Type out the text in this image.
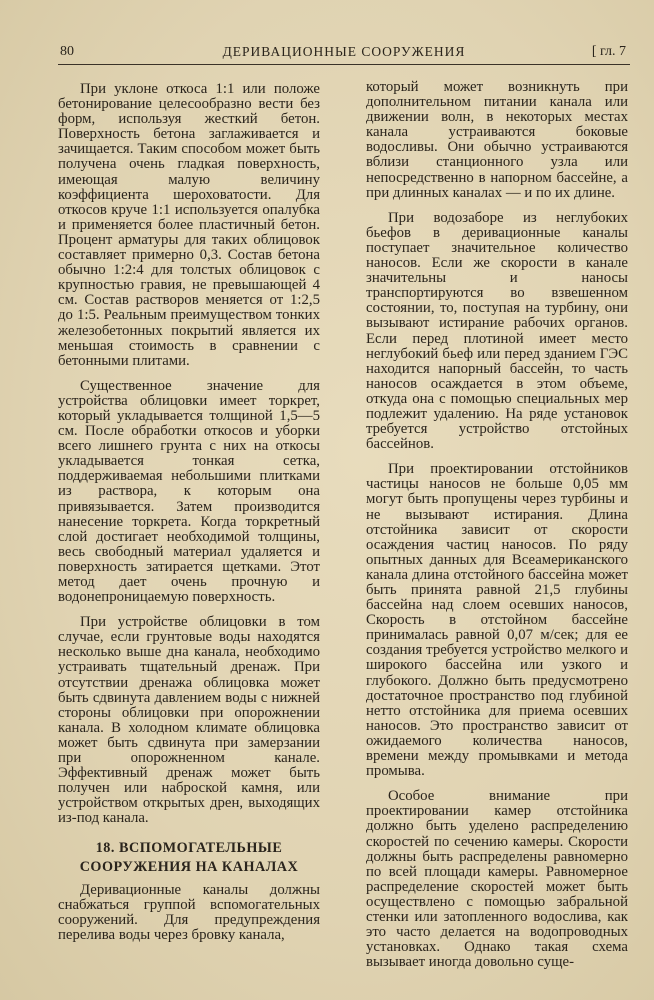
80	ДЕРИВАЦИОННЫЕ СООРУЖЕНИЯ	[ гл. 7

При уклоне откоса 1:1 или положе бетонирование целесообразно вести без форм, используя жесткий бетон. Поверхность бетона заглаживается и зачищается. Таким способом может быть получена очень гладкая поверхность, имеющая малую величину коэффициента шероховатости. Для откосов круче 1:1 используется опалубка и применяется более пластичный бетон. Процент арматуры для таких облицовок составляет примерно 0,3. Состав бетона обычно 1:2:4 для толстых облицовок с крупностью гравия, не превышающей 4 см. Состав растворов меняется от 1:2,5 до 1:5. Реальным преимуществом тонких железобетонных покрытий является их меньшая стоимость в сравнении с бетонными плитами.

Существенное значение для устройства облицовки имеет торкрет, который укладывается толщиной 1,5—5 см. После обработки откосов и уборки всего лишнего грунта с них на откосы укладывается тонкая сетка, поддерживаемая небольшими плитками из раствора, к которым она привязывается. Затем производится нанесение торкрета. Когда торкретный слой достигает необходимой толщины, весь свободный материал удаляется и поверхность затирается щетками. Этот метод дает очень прочную и водонепроницаемую поверхность.

При устройстве облицовки в том случае, если грунтовые воды находятся несколько выше дна канала, необходимо устраивать тщательный дренаж. При отсутствии дренажа облицовка может быть сдвинута давлением воды с нижней стороны облицовки при опорожнении канала. В холодном климате облицовка может быть сдвинута при замерзании при опорожненном канале. Эффективный дренаж может быть получен или наброской камня, или устройством открытых дрен, выходящих из-под канала.

18. ВСПОМОГАТЕЛЬНЫЕ
СООРУЖЕНИЯ НА КАНАЛАХ

Деривационные каналы должны снабжаться группой вспомогательных сооружений. Для предупреждения перелива воды через бровку канала,

который может возникнуть при дополнительном питании канала или движении волн, в некоторых местах канала устраиваются боковые водосливы. Они обычно устраиваются вблизи станционного узла или непосредственно в напорном бассейне, а при длинных каналах — и по их длине.

При водозаборе из неглубоких бьефов в деривационные каналы поступает значительное количество наносов. Если же скорости в канале значительны и наносы транспортируются во взвешенном состоянии, то, поступая на турбину, они вызывают истирание рабочих органов. Если перед плотиной имеет место неглубокий бьеф или перед зданием ГЭС находится напорный бассейн, то часть наносов осаждается в этом объеме, откуда она с помощью специальных мер подлежит удалению. На ряде установок требуется устройство отстойных бассейнов.

При проектировании отстойников частицы наносов не больше 0,05 мм могут быть пропущены через турбины и не вызывают истирания. Длина отстойника зависит от скорости осаждения частиц наносов. По ряду опытных данных для Всеамериканского канала длина отстойного бассейна может быть принята равной 21,5 глубины бассейна над слоем осевших наносов, Скорость в отстойном бассейне принималась равной 0,07 м/сек; для ее создания требуется устройство мелкого и широкого бассейна или узкого и глубокого. Должно быть предусмотрено достаточное пространство под глубиной нетто отстойника для приема осевших наносов. Это пространство зависит от ожидаемого количества наносов, времени между промывками и метода промыва.

Особое внимание при проектировании камер отстойника должно быть уделено распределению скоростей по сечению камеры. Скорости должны быть распределены равномерно по всей площади камеры. Равномерное распределение скоростей может быть осуществлено с помощью забральной стенки или затопленного водослива, как это часто делается на водопроводных установках. Однако такая схема вызывает иногда довольно суще-
